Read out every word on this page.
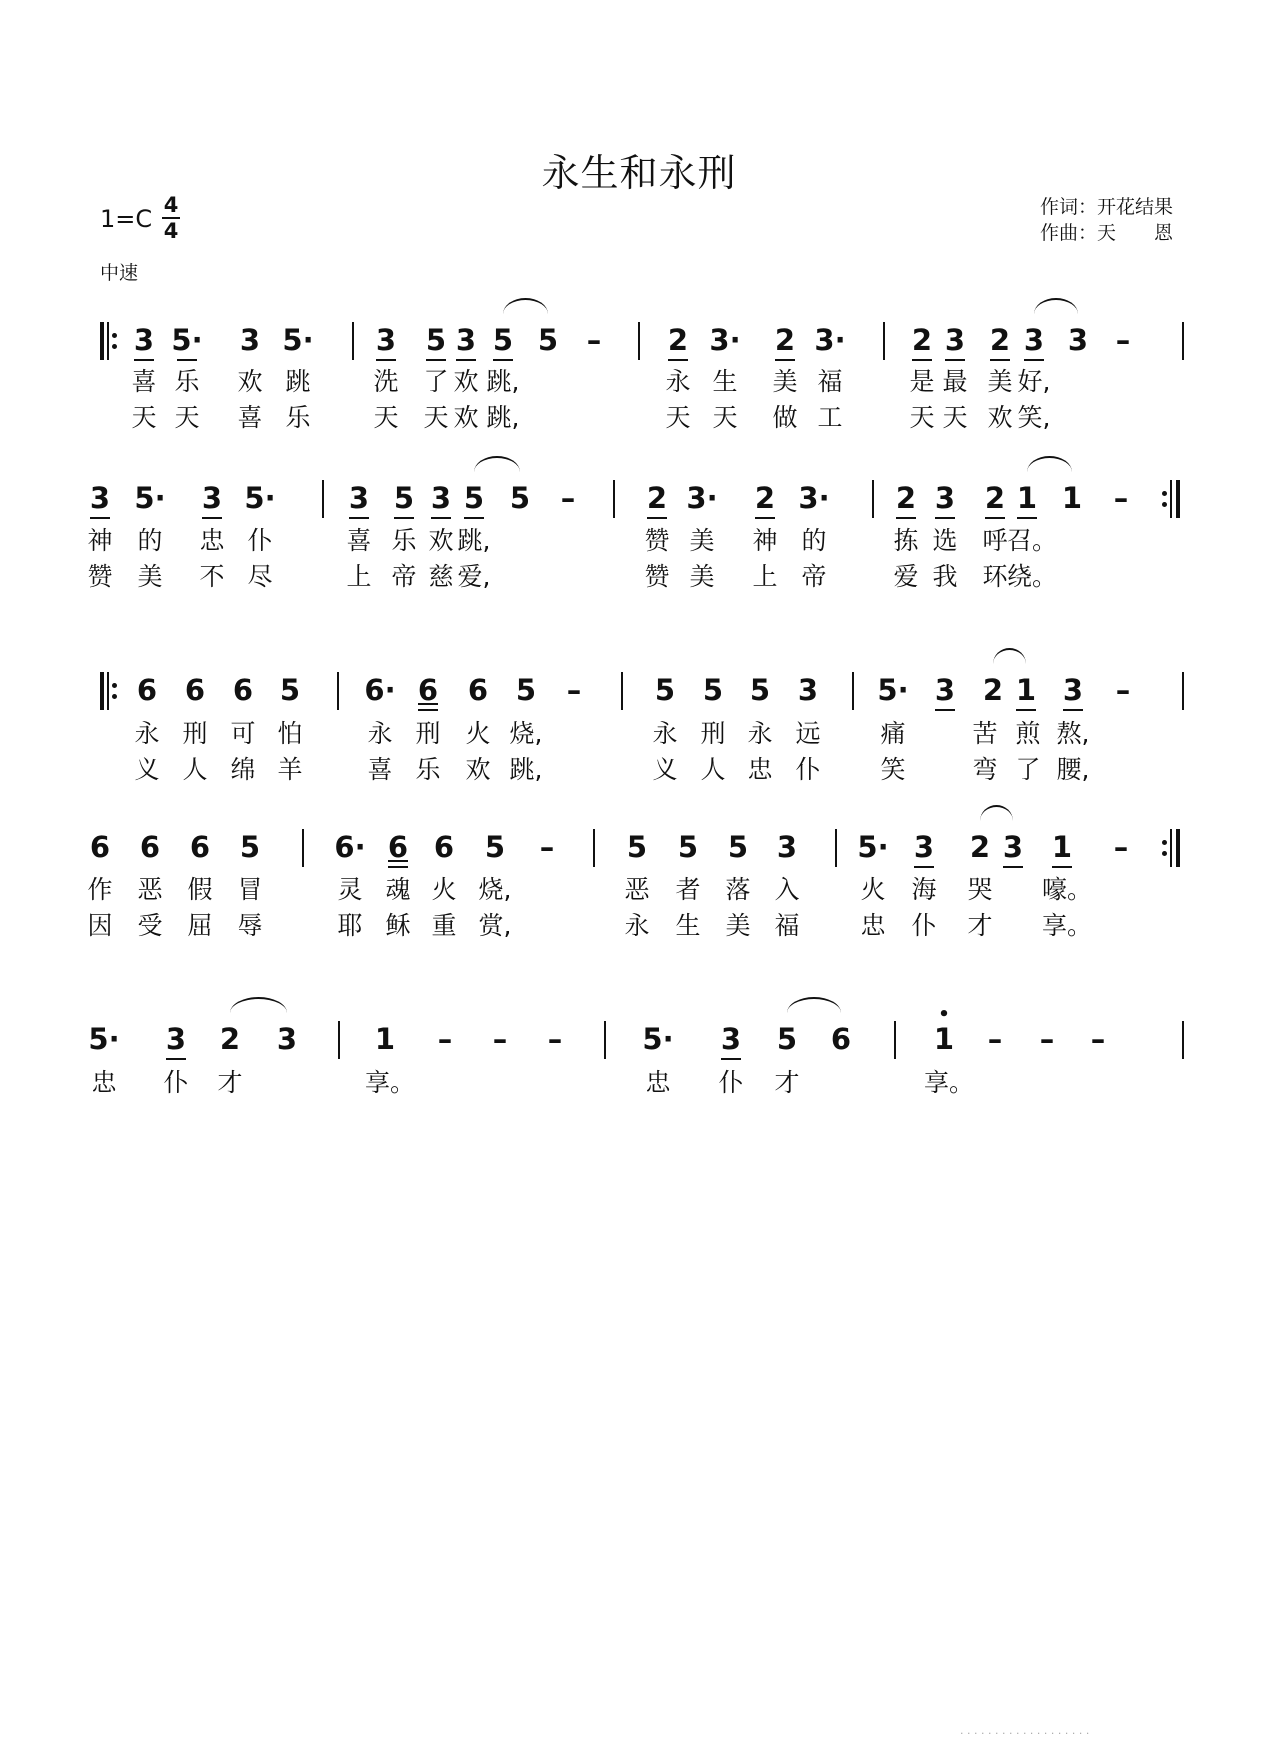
永生和永刑
作词：开花结果
作曲：天　　恩
1=C 4
4
中速
3 5· 3 5· 3 5 3 5 5 –	2 3· 2 3· 2 3 2 3 3 –
喜 乐	欢 跳	洗 了 欢 跳,	永 生	美 福	是 最 美 好,
天 天	喜 乐	天 天 欢 跳,	天 天	做 工	天 天 欢 笑,
3 5· 3 5·	3 5 3 5 5	–	2 3· 2 3· 2 3 2 1 1	–
神 的	忠 仆	喜 乐 欢 跳,	赞 美	神 的	拣 选 呼 召。
赞 美	不 尽	上 帝 慈 爱,	赞 美	上 帝	爱 我 环 绕。
6 6 6 5 6· 6 6 5	–	5 5 5 3 5· 3 2 1 3	–
永 刑 可 怕	永 刑 火 烧,	永 刑 永 远	痛	苦 煎 熬,
义 人 绵 羊	喜 乐 欢 跳,	义 人 忠 仆	笑	弯 了 腰,
6 6 6 5	6· 6 6 5	–	5 5 5 3 5· 3 2 3 1	–
作 恶 假 冒	灵 魂 火 烧,	恶	者 落 入	火	海	哭	嚎。
因 受 屈 辱	耶 稣 重 赏,	永	生 美 福	忠	仆	才	享。
5· 3 2 3	1	–	–	–	5· 3 5 6	1
•
–	–	–
忠	仆	才	享。	忠	仆	才	享。
· · · · · · · · · · · · · · · · · · ·
